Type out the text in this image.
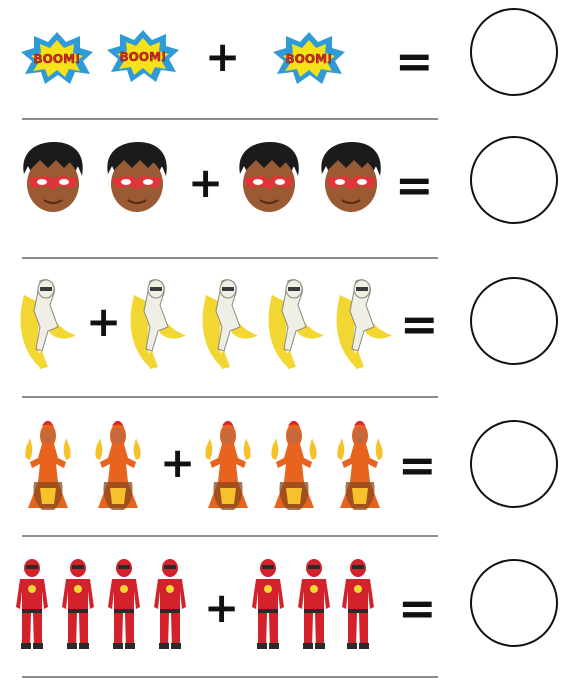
BOOM!	BOOM! +	BOOM! =
+	=
+	=
+	=
+	=
